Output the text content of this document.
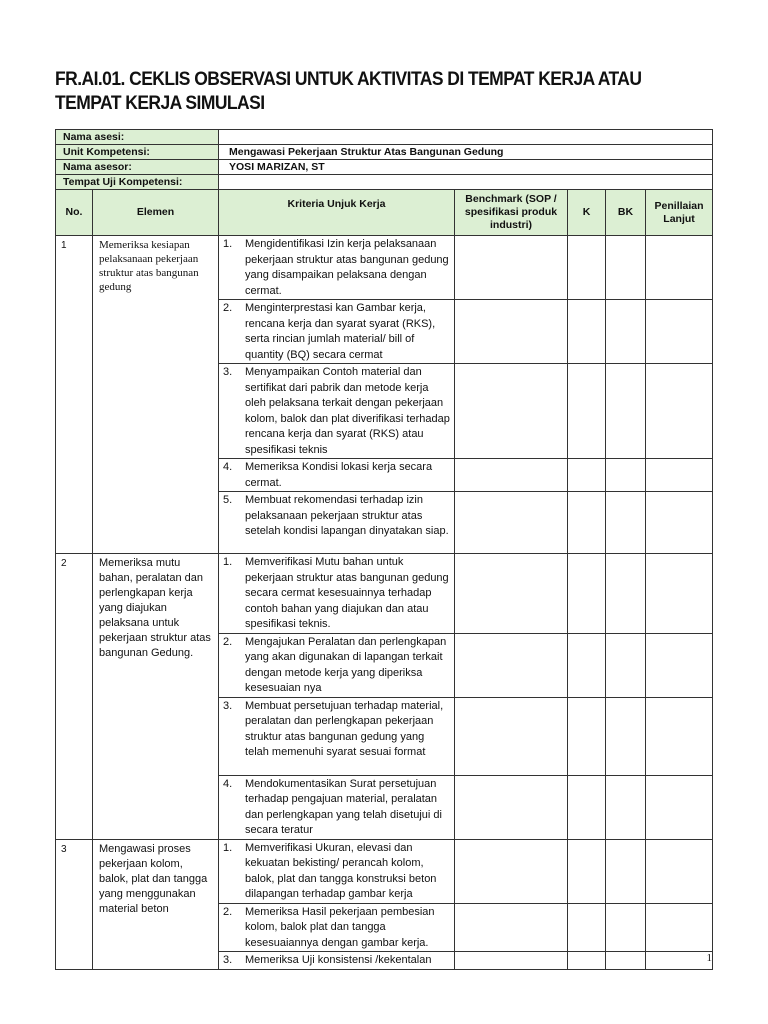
FR.AI.01. CEKLIS OBSERVASI UNTUK AKTIVITAS DI TEMPAT KERJA ATAU TEMPAT KERJA SIMULASI
Nama asesi:						
Unit Kompetensi:		Mengawasi Pekerjaan Struktur Atas Bangunan Gedung				
Nama asesor:		YOSI MARIZAN, ST				
Tempat Uji Kompetensi:						
No.	Elemen	Kriteria Unjuk Kerja	Benchmark (SOP / spesifikasi produk industri)	K	BK	Penillaian Lanjut
1	Memeriksa kesiapan pelaksanaan pekerjaan struktur atas bangunan gedung	1. Mengidentifikasi Izin kerja pelaksanaan pekerjaan struktur atas bangunan gedung yang disampaikan pelaksana dengan cermat.				

		2. Menginterprestasi kan Gambar kerja, rencana kerja dan syarat syarat (RKS), serta rincian jumlah material/ bill of quantity (BQ) secara cermat				

		3. Menyampaikan Contoh material dan sertifikat dari pabrik dan metode kerja oleh pelaksana terkait dengan pekerjaan kolom, balok dan plat diverifikasi terhadap rencana kerja dan syarat (RKS) atau spesifikasi teknis				

		4. Memeriksa Kondisi lokasi kerja secara cermat.				

		5. Membuat rekomendasi terhadap izin pelaksanaan pekerjaan struktur atas setelah kondisi lapangan dinyatakan siap.				

2	Memeriksa mutu bahan, peralatan dan perlengkapan kerja yang diajukan pelaksana untuk pekerjaan struktur atas bangunan Gedung.	1. Memverifikasi Mutu bahan untuk pekerjaan struktur atas bangunan gedung secara cermat kesesuainnya terhadap contoh bahan yang diajukan dan atau spesifikasi teknis.				

		2. Mengajukan Peralatan dan perlengkapan yang akan digunakan di lapangan terkait dengan metode kerja yang diperiksa kesesuaian nya				

		3. Membuat persetujuan terhadap material, peralatan dan perlengkapan pekerjaan struktur atas bangunan gedung yang telah memenuhi syarat sesuai format				

		4. Mendokumentasikan Surat persetujuan terhadap pengajuan material, peralatan dan perlengkapan yang telah disetujui di secara teratur				

3	Mengawasi proses pekerjaan kolom, balok, plat dan tangga yang menggunakan material beton	1. Memverifikasi Ukuran, elevasi dan kekuatan bekisting/ perancah kolom, balok, plat dan tangga konstruksi beton dilapangan terhadap gambar kerja				

		2. Memeriksa Hasil pekerjaan pembesian kolom, balok plat dan tangga kesesuaiannya dengan gambar kerja.				

		3. Memeriksa Uji konsistensi /kekentalan				
					1
